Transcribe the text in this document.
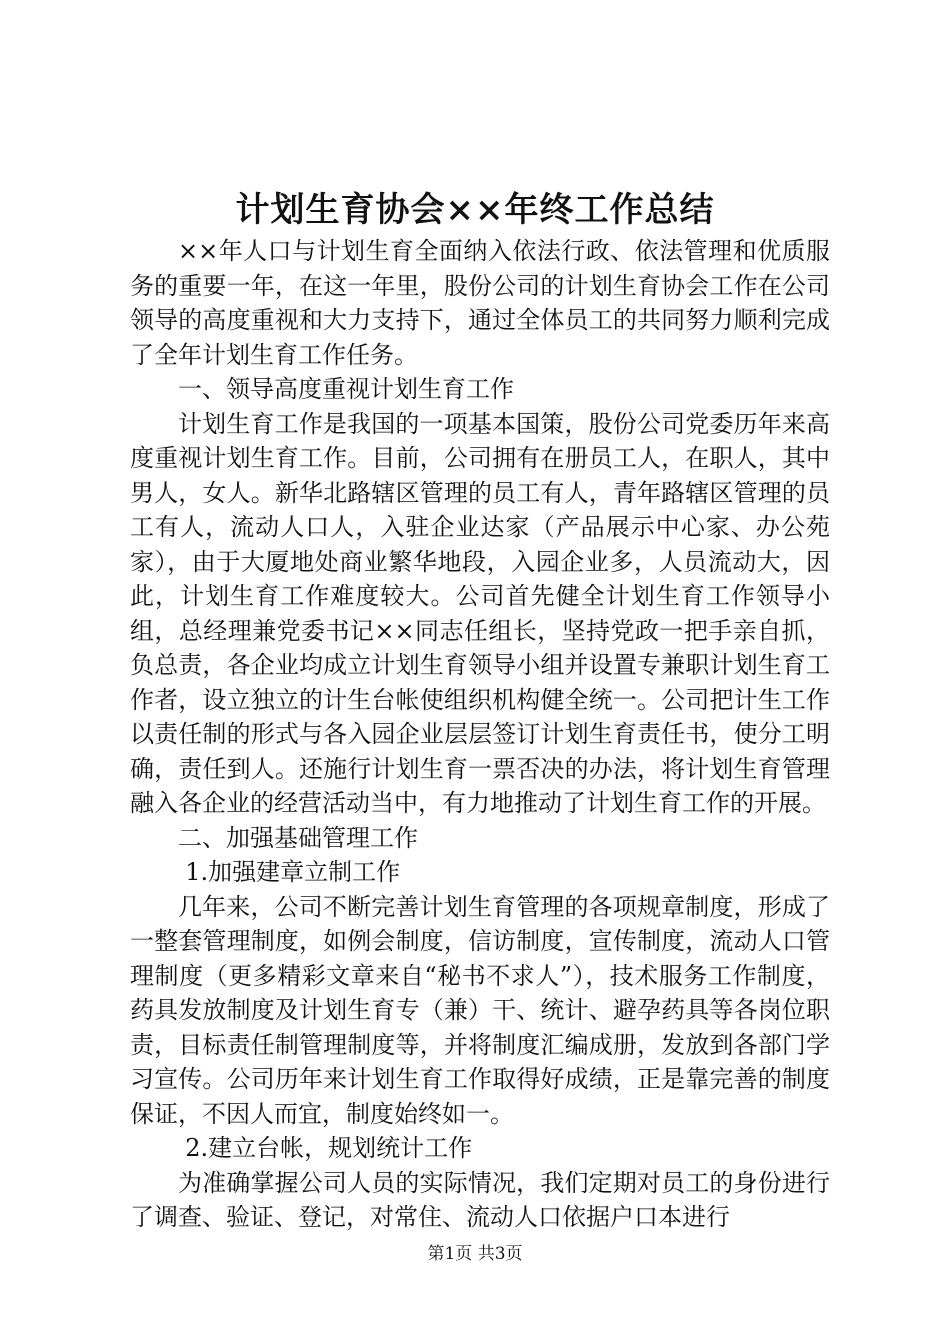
计划生育协会××年终工作总结

××年人口与计划生育全面纳入依法行政、依法管理和优质服务的重要一年，在这一年里，股份公司的计划生育协会工作在公司领导的高度重视和大力支持下，通过全体员工的共同努力顺利完成了全年计划生育工作任务。

一、领导高度重视计划生育工作

计划生育工作是我国的一项基本国策，股份公司党委历年来高度重视计划生育工作。目前，公司拥有在册员工人，在职人，其中男人，女人。新华北路辖区管理的员工有人，青年路辖区管理的员工有人，流动人口人，入驻企业达家（产品展示中心家、办公苑家），由于大厦地处商业繁华地段，入园企业多，人员流动大，因此，计划生育工作难度较大。公司首先健全计划生育工作领导小组，总经理兼党委书记××同志任组长，坚持党政一把手亲自抓，负总责，各企业均成立计划生育领导小组并设置专兼职计划生育工作者，设立独立的计生台帐使组织机构健全统一。公司把计生工作以责任制的形式与各入园企业层层签订计划生育责任书，使分工明确，责任到人。还施行计划生育一票否决的办法，将计划生育管理融入各企业的经营活动当中，有力地推动了计划生育工作的开展。

二、加强基础管理工作

1.加强建章立制工作

几年来，公司不断完善计划生育管理的各项规章制度，形成了一整套管理制度，如例会制度，信访制度，宣传制度，流动人口管理制度（更多精彩文章来自“秘书不求人”），技术服务工作制度，药具发放制度及计划生育专（兼）干、统计、避孕药具等各岗位职责，目标责任制管理制度等，并将制度汇编成册，发放到各部门学习宣传。公司历年来计划生育工作取得好成绩，正是靠完善的制度保证，不因人而宜，制度始终如一。

2.建立台帐，规划统计工作

为准确掌握公司人员的实际情况，我们定期对员工的身份进行了调查、验证、登记，对常住、流动人口依据户口本进行

第1页 共3页
